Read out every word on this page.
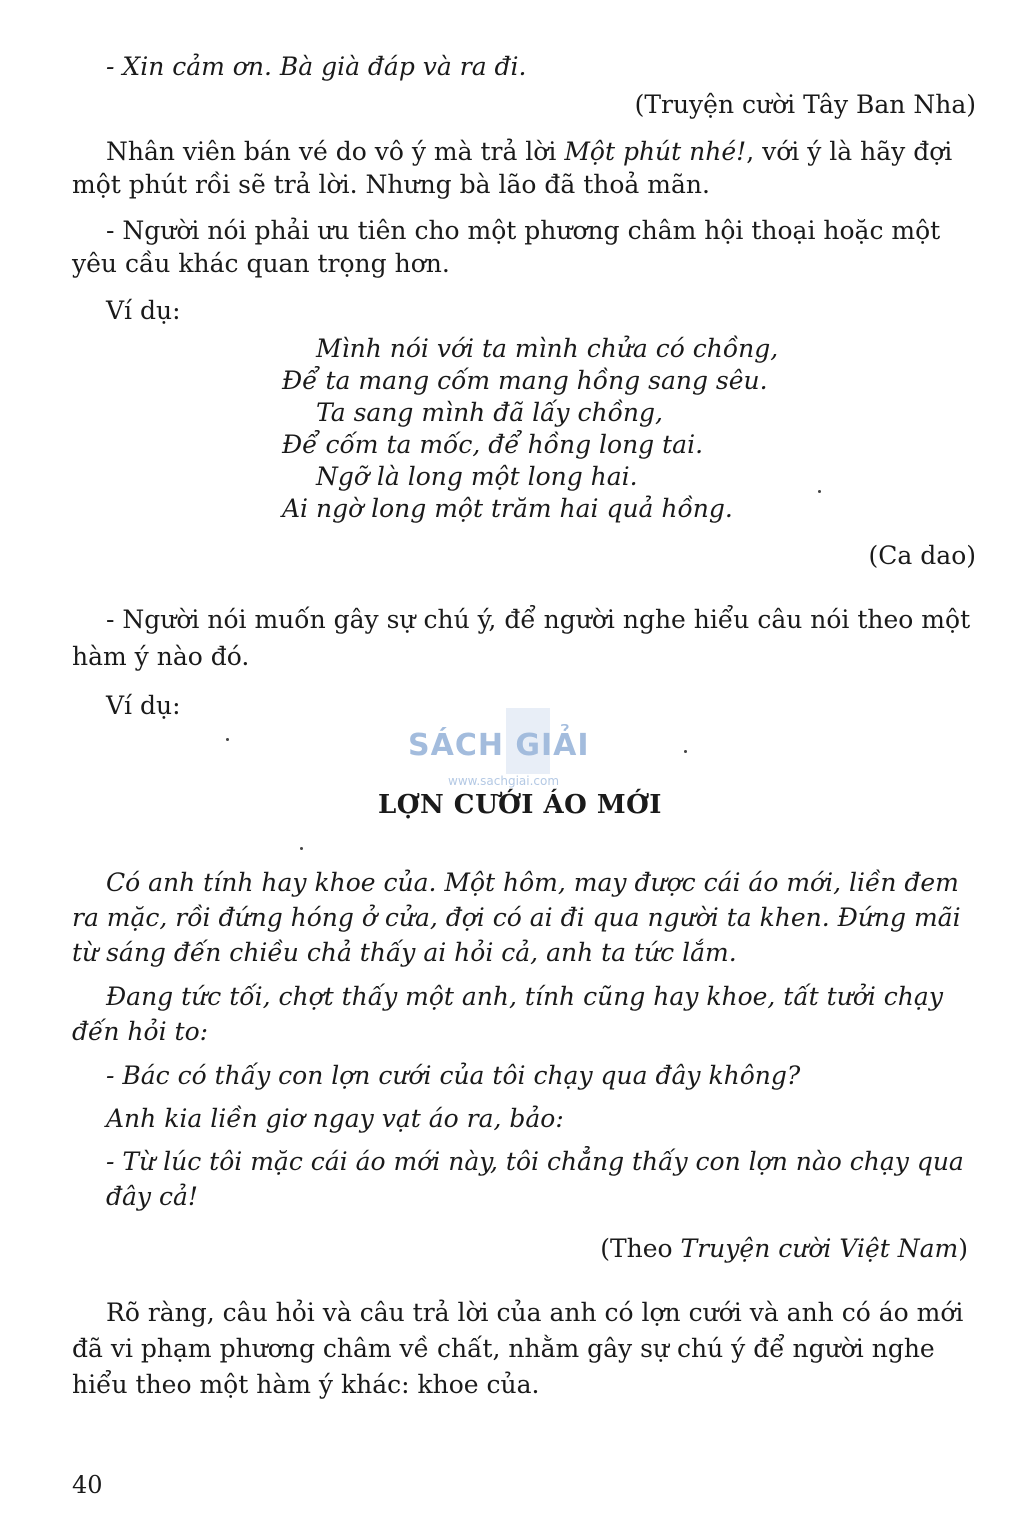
- Xin cảm ơn. Bà già đáp và ra đi.
(Truyện cười Tây Ban Nha)
Nhân viên bán vé do vô ý mà trả lời Một phút nhé!, với ý là hãy đợi
một phút rồi sẽ trả lời. Nhưng bà lão đã thoả mãn.
- Người nói phải ưu tiên cho một phương châm hội thoại hoặc một
yêu cầu khác quan trọng hơn.
Ví dụ:
Mình nói với ta mình chửa có chồng,
Để ta mang cốm mang hồng sang sêu.
Ta sang mình đã lấy chồng,
Để cốm ta mốc, để hồng long tai.
Ngỡ là long một long hai.
Ai ngờ long một trăm hai quả hồng.
(Ca dao)
- Người nói muốn gây sự chú ý, để người nghe hiểu câu nói theo một
hàm ý nào đó.
Ví dụ:
SÁCH GIẢI
www.sachgiai.com
LỢN CƯỚI ÁO MỚI
Có anh tính hay khoe của. Một hôm, may được cái áo mới, liền đem
ra mặc, rồi đứng hóng ở cửa, đợi có ai đi qua người ta khen. Đứng mãi
từ sáng đến chiều chả thấy ai hỏi cả, anh ta tức lắm.
Đang tức tối, chợt thấy một anh, tính cũng hay khoe, tất tưởi chạy
đến hỏi to:
- Bác có thấy con lợn cưới của tôi chạy qua đây không?
Anh kia liền giơ ngay vạt áo ra, bảo:
- Từ lúc tôi mặc cái áo mới này, tôi chẳng thấy con lợn nào chạy qua
đây cả!
(Theo Truyện cười Việt Nam)
Rõ ràng, câu hỏi và câu trả lời của anh có lợn cưới và anh có áo mới
đã vi phạm phương châm về chất, nhằm gây sự chú ý để người nghe
hiểu theo một hàm ý khác: khoe của.
40
